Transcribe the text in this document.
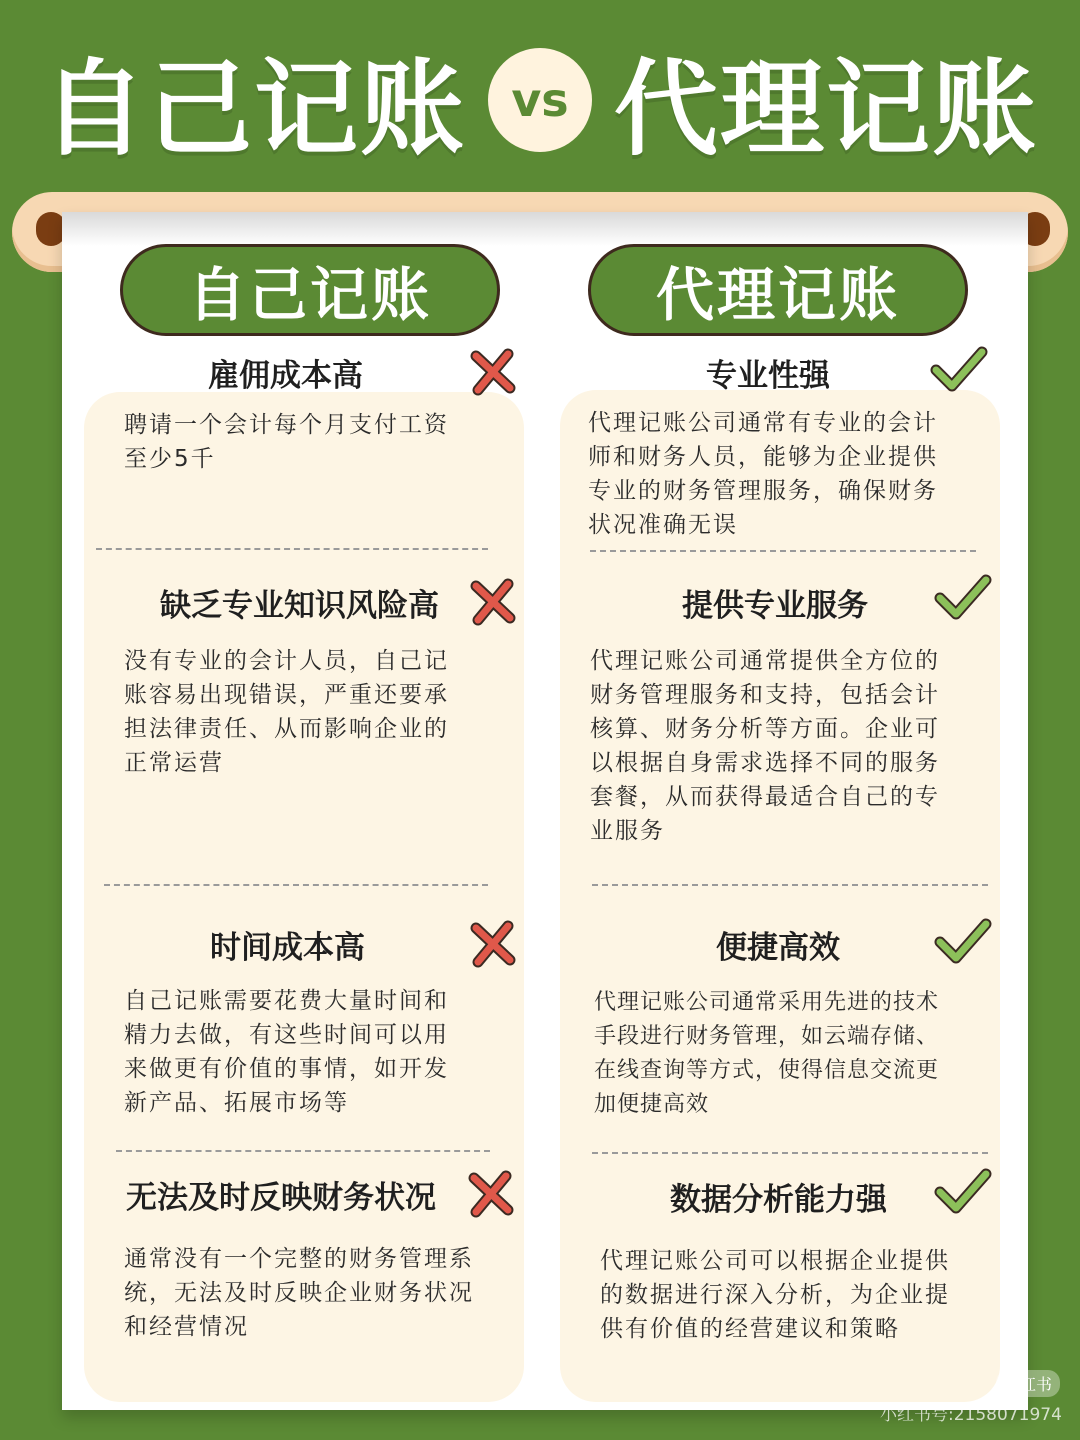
自己记账 vs 代理记账
自己记账	代理记账
雇佣成本高
聘请一个会计每个月支付工资
至少5千
缺乏专业知识风险高
没有专业的会计人员，自己记
账容易出现错误，严重还要承
担法律责任、从而影响企业的
正常运营
时间成本高
自己记账需要花费大量时间和
精力去做，有这些时间可以用
来做更有价值的事情，如开发
新产品、拓展市场等
无法及时反映财务状况
通常没有一个完整的财务管理系
统，无法及时反映企业财务状况
和经营情况
专业性强
代理记账公司通常有专业的会计
师和财务人员，能够为企业提供
专业的财务管理服务，确保财务
状况准确无误
提供专业服务
代理记账公司通常提供全方位的
财务管理服务和支持，包括会计
核算、财务分析等方面。企业可
以根据自身需求选择不同的服务
套餐，从而获得最适合自己的专
业服务
便捷高效
代理记账公司通常采用先进的技术
手段进行财务管理，如云端存储、
在线查询等方式，使得信息交流更
加便捷高效
数据分析能力强
代理记账公司可以根据企业提供
的数据进行深入分析，为企业提
供有价值的经营建议和策略
小红书
小红书号:2158071974
